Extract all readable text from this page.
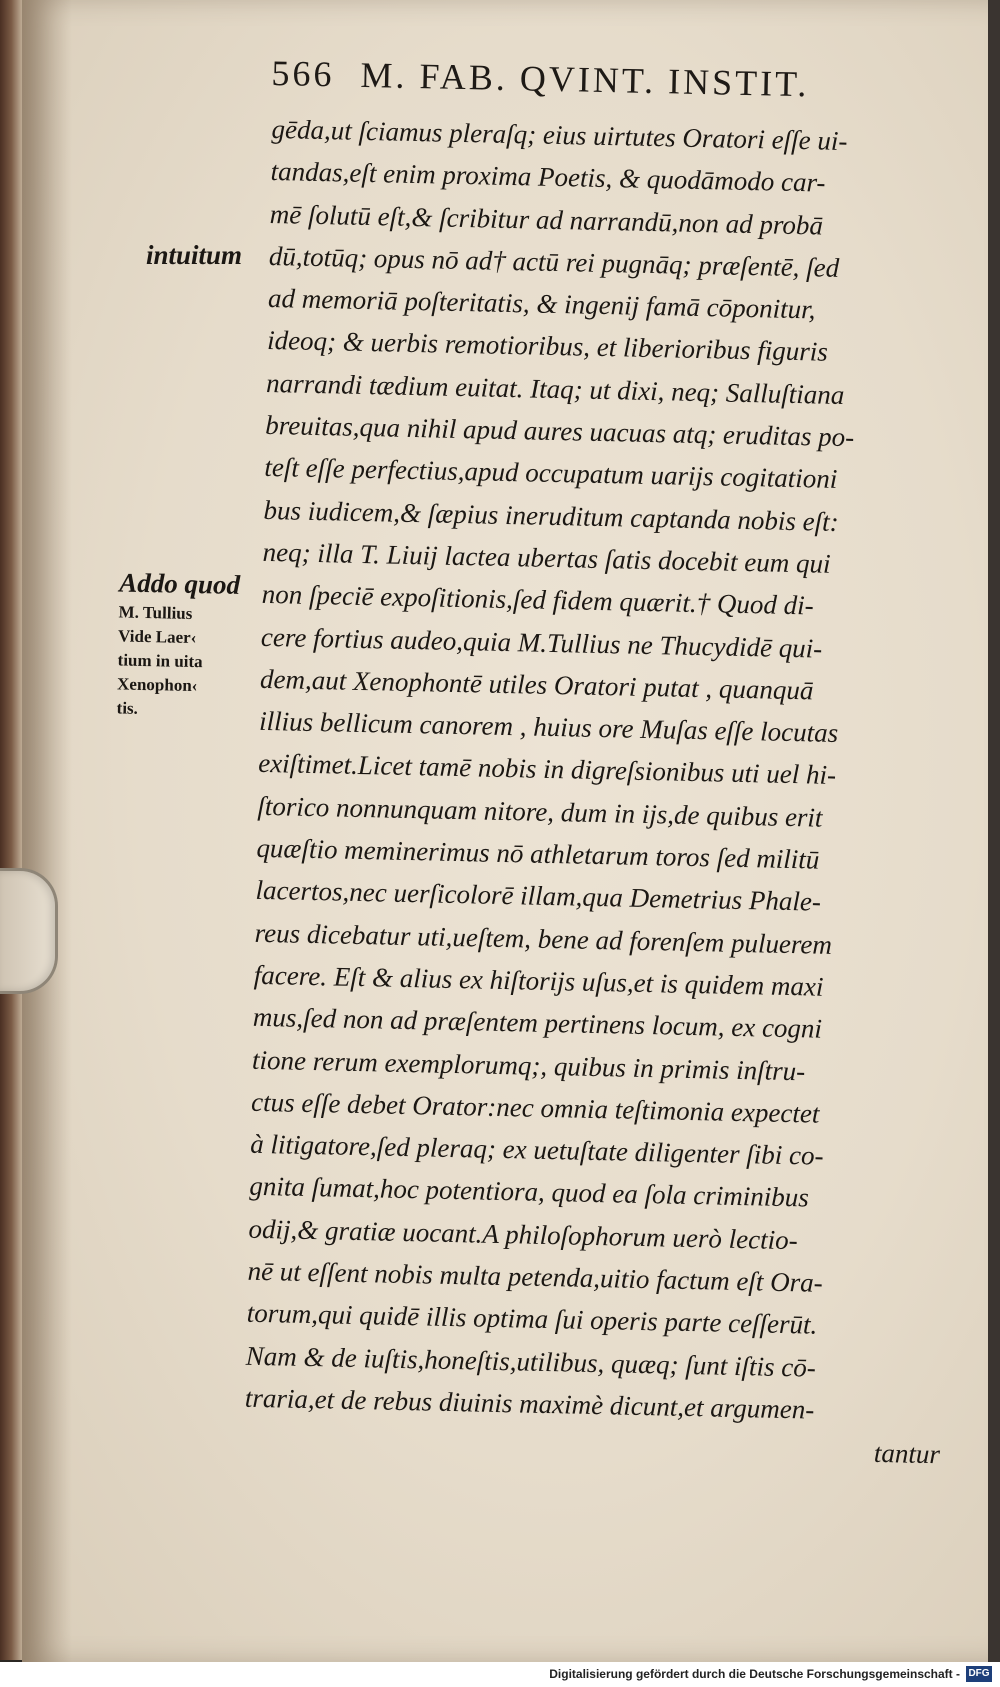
566 M. FAB. QVINT. INSTIT.
intuitum
Addo quod
M. Tullius
Vide Laer‹
tium in uita
Xenophon‹
tis.
gēda,ut ſciamus pleraſq; eius uirtutes Oratori eſſe ui-
tandas,eſt enim proxima Poetis, & quodāmodo car-
mē ſolutū eſt,& ſcribitur ad narrandū,non ad probā
dū,totūq; opus nō ad† actū rei pugnāq; præſentē, ſed
ad memoriā poſteritatis, & ingenij famā cōponitur,
ideoq; & uerbis remotioribus, et liberioribus figuris
narrandi tædium euitat. Itaq; ut dixi, neq; Salluſtiana
breuitas,qua nihil apud aures uacuas atq; eruditas po-
teſt eſſe perfectius,apud occupatum uarijs cogitationi
bus iudicem,& ſæpius ineruditum captanda nobis eſt:
neq; illa T. Liuij lactea ubertas ſatis docebit eum qui
non ſpeciē expoſitionis,ſed fidem quærit.† Quod di-
cere fortius audeo,quia M.Tullius ne Thucydidē qui-
dem,aut Xenophontē utiles Oratori putat , quanquā
illius bellicum canorem , huius ore Muſas eſſe locutas
exiſtimet.Licet tamē nobis in digreſsionibus uti uel hi-
ſtorico nonnunquam nitore, dum in ijs,de quibus erit
quæſtio meminerimus nō athletarum toros ſed militū
lacertos,nec uerſicolorē illam,qua Demetrius Phale-
reus dicebatur uti,ueſtem, bene ad forenſem puluerem
facere. Eſt & alius ex hiſtorijs uſus,et is quidem maxi
mus,ſed non ad præſentem pertinens locum, ex cogni
tione rerum exemplorumq;, quibus in primis inſtru-
ctus eſſe debet Orator:nec omnia teſtimonia expectet
à litigatore,ſed pleraq; ex uetuſtate diligenter ſibi co-
gnita ſumat,hoc potentiora, quod ea ſola criminibus
odij,& gratiæ uocant.A philoſophorum uerò lectio-
nē ut eſſent nobis multa petenda,uitio factum eſt Ora-
torum,qui quidē illis optima ſui operis parte ceſſerūt.
Nam & de iuſtis,honeſtis,utilibus, quæq; ſunt iſtis cō-
traria,et de rebus diuinis maximè dicunt,et argumen-
tantur
Digitalisierung gefördert durch die Deutsche Forschungsgemeinschaft - DFG
